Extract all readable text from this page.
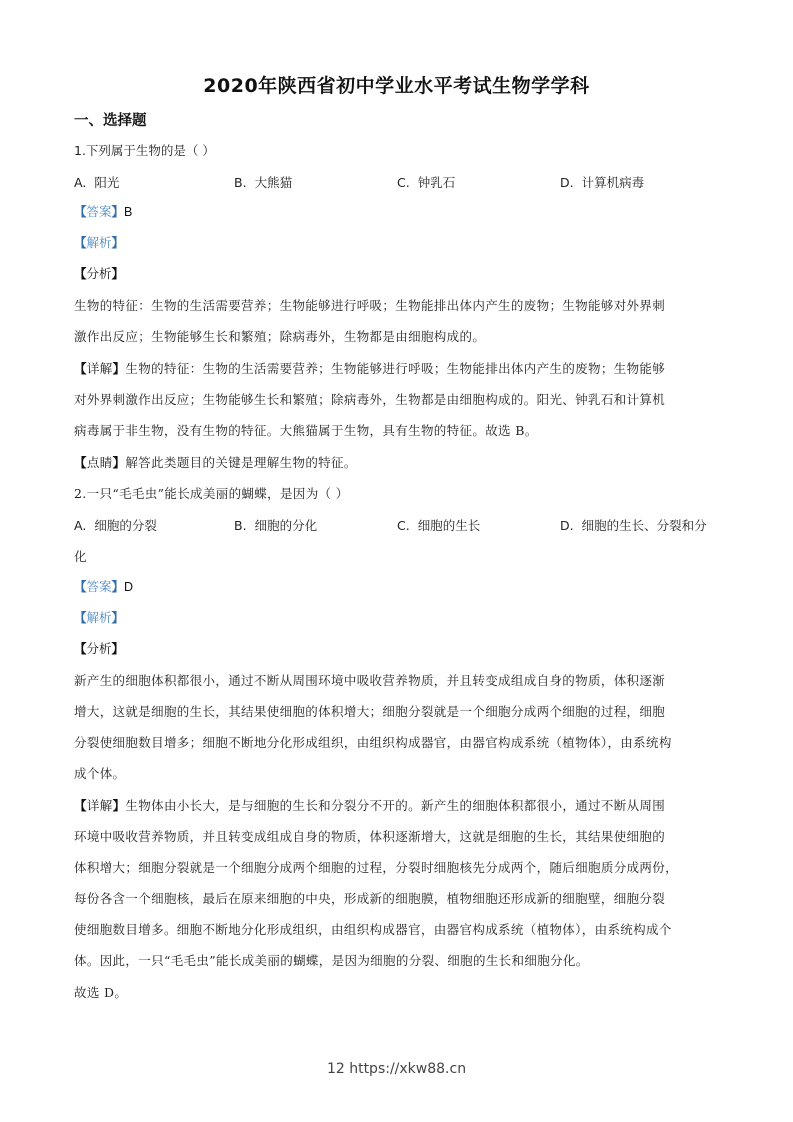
2020年陕西省初中学业水平考试生物学学科
一、选择题
1.下列属于生物的是（ ）
A. 阳光	B. 大熊猫	C. 钟乳石	D. 计算机病毒
【答案】B
【解析】
【分析】
生物的特征：生物的生活需要营养；生物能够进行呼吸；生物能排出体内产生的废物；生物能够对外界刺
激作出反应；生物能够生长和繁殖；除病毒外，生物都是由细胞构成的。
【详解】生物的特征：生物的生活需要营养；生物能够进行呼吸；生物能排出体内产生的废物；生物能够
对外界刺激作出反应；生物能够生长和繁殖；除病毒外，生物都是由细胞构成的。阳光、钟乳石和计算机
病毒属于非生物，没有生物的特征。大熊猫属于生物，具有生物的特征。故选 B。
【点睛】解答此类题目的关键是理解生物的特征。
2.一只“毛毛虫”能长成美丽的蝴蝶，是因为（ ）
A. 细胞的分裂	B. 细胞的分化	C. 细胞的生长	D. 细胞的生长、分裂和分
化
【答案】D
【解析】
【分析】
新产生的细胞体积都很小，通过不断从周围环境中吸收营养物质，并且转变成组成自身的物质，体积逐渐
增大，这就是细胞的生长，其结果使细胞的体积增大；细胞分裂就是一个细胞分成两个细胞的过程，细胞
分裂使细胞数目增多；细胞不断地分化形成组织，由组织构成器官，由器官构成系统（植物体），由系统构
成个体。
【详解】生物体由小长大，是与细胞的生长和分裂分不开的。新产生的细胞体积都很小，通过不断从周围
环境中吸收营养物质，并且转变成组成自身的物质，体积逐渐增大，这就是细胞的生长，其结果使细胞的
体积增大；细胞分裂就是一个细胞分成两个细胞的过程，分裂时细胞核先分成两个，随后细胞质分成两份，
每份各含一个细胞核，最后在原来细胞的中央，形成新的细胞膜，植物细胞还形成新的细胞壁，细胞分裂
使细胞数目增多。细胞不断地分化形成组织，由组织构成器官，由器官构成系统（植物体），由系统构成个
体。因此，一只“毛毛虫”能长成美丽的蝴蝶，是因为细胞的分裂、细胞的生长和细胞分化。
故选 D。
12 https://xkw88.cn
